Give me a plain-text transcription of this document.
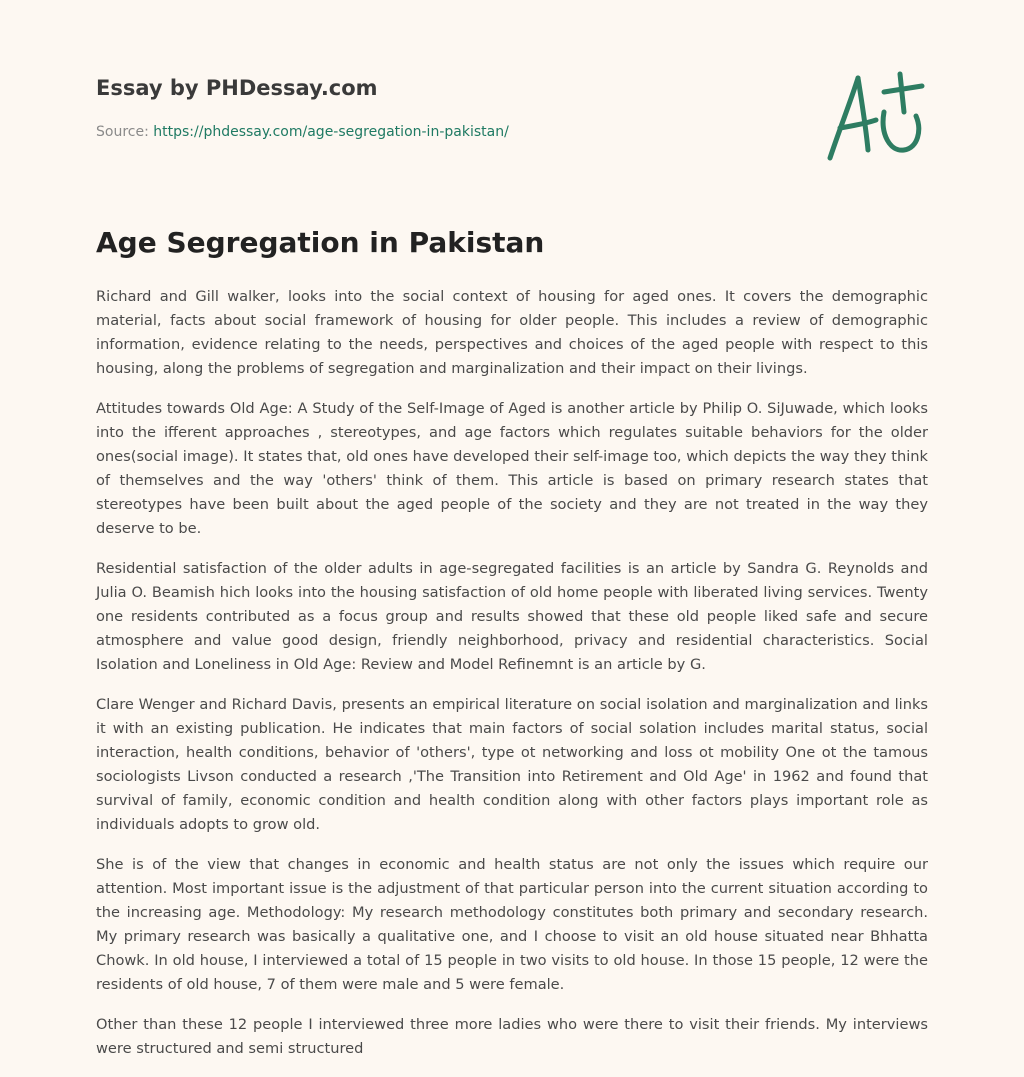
Essay by PHDessay.com
Source: https://phdessay.com/age-segregation-in-pakistan/
Age Segregation in Pakistan

Richard and Gill walker, looks into the social context of housing for aged ones. It covers the demographic material, facts about social framework of housing for older people. This includes a review of demographic information, evidence relating to the needs, perspectives and choices of the aged people with respect to this housing, along the problems of segregation and marginalization and their impact on their livings.

Attitudes towards Old Age: A Study of the Self-Image of Aged is another article by Philip O. SiJuwade, which looks into the ifferent approaches , stereotypes, and age factors which regulates suitable behaviors for the older ones(social image). It states that, old ones have developed their self-image too, which depicts the way they think of themselves and the way 'others' think of them. This article is based on primary research states that stereotypes have been built about the aged people of the society and they are not treated in the way they deserve to be.

Residential satisfaction of the older adults in age-segregated facilities is an article by Sandra G. Reynolds and Julia O. Beamish hich looks into the housing satisfaction of old home people with liberated living services. Twenty one residents contributed as a focus group and results showed that these old people liked safe and secure atmosphere and value good design, friendly neighborhood, privacy and residential characteristics. Social Isolation and Loneliness in Old Age: Review and Model Refinemnt is an article by G.

Clare Wenger and Richard Davis, presents an empirical literature on social isolation and marginalization and links it with an existing publication. He indicates that main factors of social solation includes marital status, social interaction, health conditions, behavior of 'others', type ot networking and loss ot mobility One ot the tamous sociologists Livson conducted a research ,'The Transition into Retirement and Old Age' in 1962 and found that survival of family, economic condition and health condition along with other factors plays important role as individuals adopts to grow old.

She is of the view that changes in economic and health status are not only the issues which require our attention. Most important issue is the adjustment of that particular person into the current situation according to the increasing age. Methodology: My research methodology constitutes both primary and secondary research. My primary research was basically a qualitative one, and I choose to visit an old house situated near Bhhatta Chowk. In old house, I interviewed a total of 15 people in two visits to old house. In those 15 people, 12 were the residents of old house, 7 of them were male and 5 were female.

Other than these 12 people I interviewed three more ladies who were there to visit their friends. My interviews were structured and semi structured
